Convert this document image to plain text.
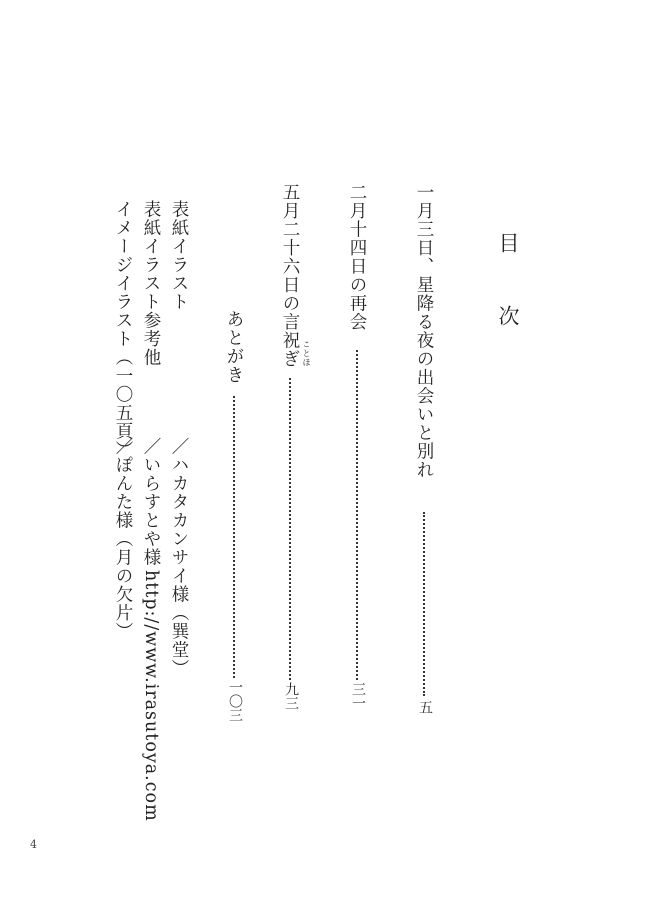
目次
一月三日、星降る夜の出会いと別れ
五
二月十四日の再会
三一
五月二十六日の言祝ぎ ことほ
九三
あとがき
一〇三
表紙イラスト
／ハカタカンサイ様（巽堂）
表紙イラスト参考他
／いらすとや様
http://www.irasutoya.com
イメージイラスト（一〇五頁）
／ぽんた様（月の欠片）
4
